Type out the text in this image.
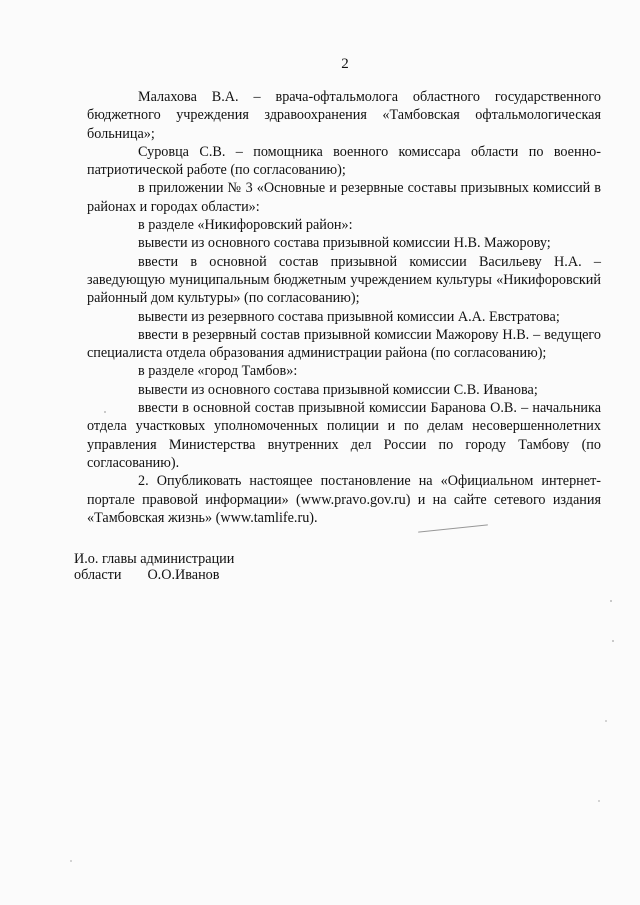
2

Малахова В.А. – врача-офтальмолога областного государственного бюджетного учреждения здравоохранения «Тамбовская офтальмологическая больница»;

Суровца С.В. – помощника военного комиссара области по военно-патриотической работе (по согласованию);

в приложении № 3 «Основные и резервные составы призывных комиссий в районах и городах области»:

в разделе «Никифоровский район»:

вывести из основного состава призывной комиссии Н.В. Мажорову;

ввести в основной состав призывной комиссии Васильеву Н.А. – заведующую муниципальным бюджетным учреждением культуры «Никифоровский районный дом культуры» (по согласованию);

вывести из резервного состава призывной комиссии А.А. Евстратова;

ввести в резервный состав призывной комиссии Мажорову Н.В. – ведущего специалиста отдела образования администрации района (по согласованию);

в разделе «город Тамбов»:

вывести из основного состава призывной комиссии С.В. Иванова;

ввести в основной состав призывной комиссии Баранова О.В. – начальника отдела участковых уполномоченных полиции и по делам несовершеннолетних управления Министерства внутренних дел России по городу Тамбову (по согласованию).

2. Опубликовать настоящее постановление на «Официальном интернет-портале правовой информации» (www.pravo.gov.ru) и на сайте сетевого издания «Тамбовская жизнь» (www.tamlife.ru).

И.о. главы администрации
области О.О.Иванов
